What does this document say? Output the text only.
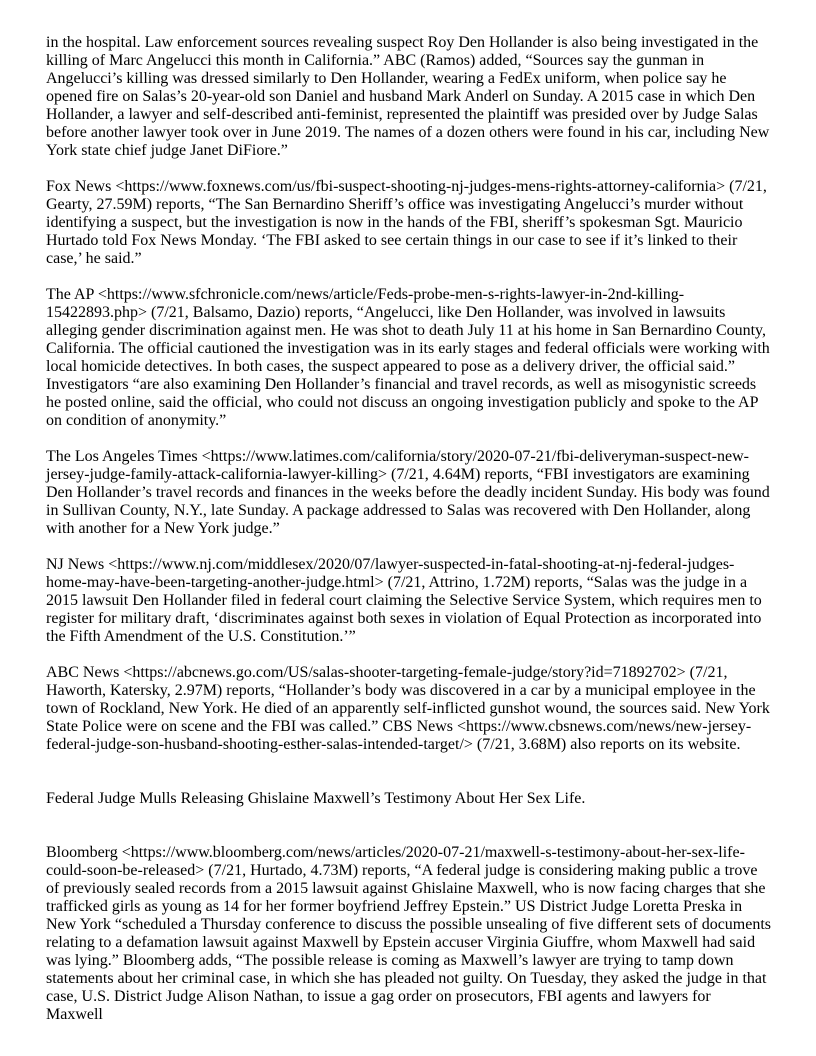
in the hospital. Law enforcement sources revealing suspect Roy Den Hollander is also being investigated in the killing of Marc Angelucci this month in California.” ABC (Ramos) added, “Sources say the gunman in Angelucci’s killing was dressed similarly to Den Hollander, wearing a FedEx uniform, when police say he opened fire on Salas’s 20-year-old son Daniel and husband Mark Anderl on Sunday. A 2015 case in which Den Hollander, a lawyer and self-described anti-feminist, represented the plaintiff was presided over by Judge Salas before another lawyer took over in June 2019. The names of a dozen others were found in his car, including New York state chief judge Janet DiFiore.”

Fox News <https://www.foxnews.com/us/fbi-suspect-shooting-nj-judges-mens-rights-attorney-california> (7/21, Gearty, 27.59M) reports, “The San Bernardino Sheriff’s office was investigating Angelucci’s murder without identifying a suspect, but the investigation is now in the hands of the FBI, sheriff’s spokesman Sgt. Mauricio Hurtado told Fox News Monday. ‘The FBI asked to see certain things in our case to see if it’s linked to their case,’ he said.”

The AP <https://www.sfchronicle.com/news/article/Feds-probe-men-s-rights-lawyer-in-2nd-killing-15422893.php> (7/21, Balsamo, Dazio) reports, “Angelucci, like Den Hollander, was involved in lawsuits alleging gender discrimination against men. He was shot to death July 11 at his home in San Bernardino County, California. The official cautioned the investigation was in its early stages and federal officials were working with local homicide detectives. In both cases, the suspect appeared to pose as a delivery driver, the official said.” Investigators “are also examining Den Hollander’s financial and travel records, as well as misogynistic screeds he posted online, said the official, who could not discuss an ongoing investigation publicly and spoke to the AP on condition of anonymity.”

The Los Angeles Times <https://www.latimes.com/california/story/2020-07-21/fbi-deliveryman-suspect-new-jersey-judge-family-attack-california-lawyer-killing> (7/21, 4.64M) reports, “FBI investigators are examining Den Hollander’s travel records and finances in the weeks before the deadly incident Sunday. His body was found in Sullivan County, N.Y., late Sunday. A package addressed to Salas was recovered with Den Hollander, along with another for a New York judge.”

NJ News <https://www.nj.com/middlesex/2020/07/lawyer-suspected-in-fatal-shooting-at-nj-federal-judges-home-may-have-been-targeting-another-judge.html> (7/21, Attrino, 1.72M) reports, “Salas was the judge in a 2015 lawsuit Den Hollander filed in federal court claiming the Selective Service System, which requires men to register for military draft, ‘discriminates against both sexes in violation of Equal Protection as incorporated into the Fifth Amendment of the U.S. Constitution.’”

ABC News <https://abcnews.go.com/US/salas-shooter-targeting-female-judge/story?id=71892702> (7/21, Haworth, Katersky, 2.97M) reports, “Hollander’s body was discovered in a car by a municipal employee in the town of Rockland, New York. He died of an apparently self-inflicted gunshot wound, the sources said. New York State Police were on scene and the FBI was called.” CBS News <https://www.cbsnews.com/news/new-jersey-federal-judge-son-husband-shooting-esther-salas-intended-target/> (7/21, 3.68M) also reports on its website.

Federal Judge Mulls Releasing Ghislaine Maxwell’s Testimony About Her Sex Life.

Bloomberg <https://www.bloomberg.com/news/articles/2020-07-21/maxwell-s-testimony-about-her-sex-life-could-soon-be-released> (7/21, Hurtado, 4.73M) reports, “A federal judge is considering making public a trove of previously sealed records from a 2015 lawsuit against Ghislaine Maxwell, who is now facing charges that she trafficked girls as young as 14 for her former boyfriend Jeffrey Epstein.” US District Judge Loretta Preska in New York “scheduled a Thursday conference to discuss the possible unsealing of five different sets of documents relating to a defamation lawsuit against Maxwell by Epstein accuser Virginia Giuffre, whom Maxwell had said was lying.” Bloomberg adds, “The possible release is coming as Maxwell’s lawyer are trying to tamp down statements about her criminal case, in which she has pleaded not guilty. On Tuesday, they asked the judge in that case, U.S. District Judge Alison Nathan, to issue a gag order on prosecutors, FBI agents and lawyers for Maxwell
